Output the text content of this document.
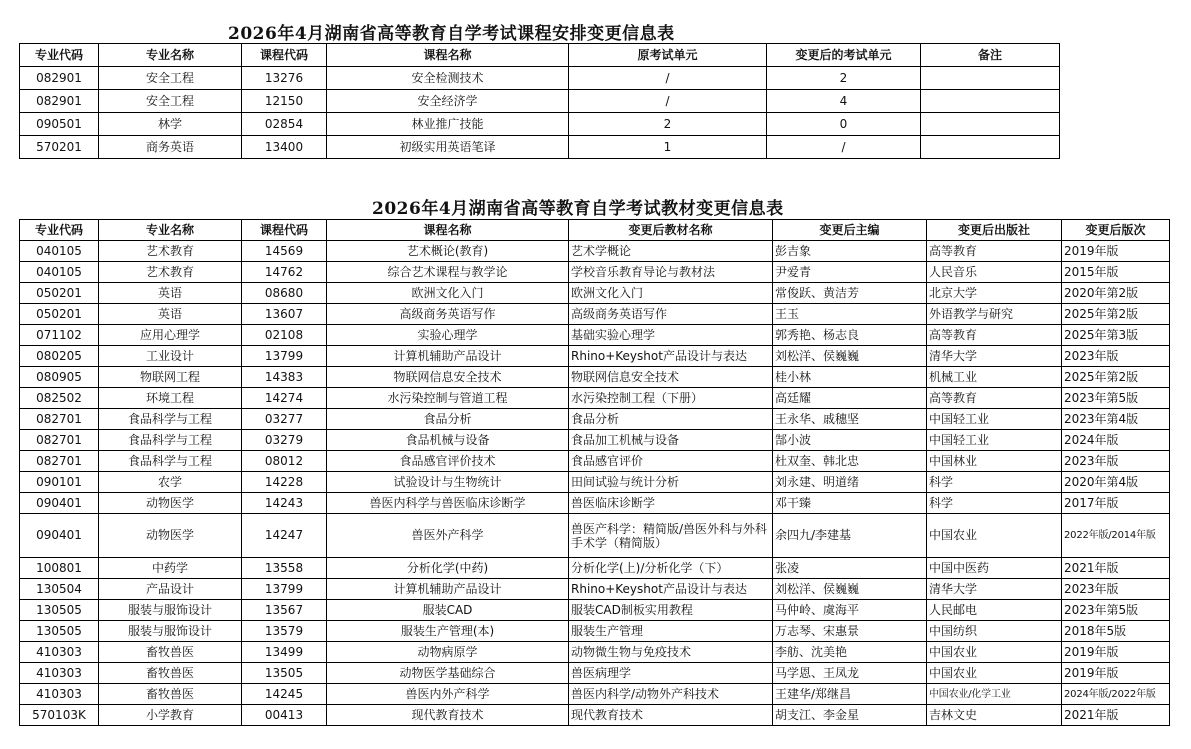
2026年4月湖南省高等教育自学考试课程安排变更信息表
专业代码	专业名称	课程代码	课程名称	原考试单元	变更后的考试单元	备注
082901	安全工程	13276	安全检测技术	/	2	
082901	安全工程	12150	安全经济学	/	4	
090501	林学	02854	林业推广技能	2	0	
570201	商务英语	13400	初级实用英语笔译	1	/	
2026年4月湖南省高等教育自学考试教材变更信息表
专业代码	专业名称	课程代码	课程名称	变更后教材名称	变更后主编	变更后出版社	变更后版次
040105	艺术教育	14569	艺术概论(教育)	艺术学概论	彭吉象	高等教育	2019年版
040105	艺术教育	14762	综合艺术课程与教学论	学校音乐教育导论与教材法	尹爱青	人民音乐	2015年版
050201	英语	08680	欧洲文化入门	欧洲文化入门	常俊跃、黄洁芳	北京大学	2020年第2版
050201	英语	13607	高级商务英语写作	高级商务英语写作	王玉	外语教学与研究	2025年第2版
071102	应用心理学	02108	实验心理学	基础实验心理学	郭秀艳、杨志良	高等教育	2025年第3版
080205	工业设计	13799	计算机辅助产品设计	Rhino+Keyshot产品设计与表达	刘松洋、侯巍巍	清华大学	2023年版
080905	物联网工程	14383	物联网信息安全技术	物联网信息安全技术	桂小林	机械工业	2025年第2版
082502	环境工程	14274	水污染控制与管道工程	水污染控制工程（下册）	高廷耀	高等教育	2023年第5版
082701	食品科学与工程	03277	食品分析	食品分析	王永华、戚穗坚	中国轻工业	2023年第4版
082701	食品科学与工程	03279	食品机械与设备	食品加工机械与设备	郜小波	中国轻工业	2024年版
082701	食品科学与工程	08012	食品感官评价技术	食品感官评价	杜双奎、韩北忠	中国林业	2023年版
090101	农学	14228	试验设计与生物统计	田间试验与统计分析	刘永建、明道绪	科学	2020年第4版
090401	动物医学	14243	兽医内科学与兽医临床诊断学	兽医临床诊断学	邓干臻	科学	2017年版
090401	动物医学	14247	兽医外产科学	兽医产科学：精简版/兽医外科与外科手术学（精简版）	余四九/李建基	中国农业	2022年版/2014年版
100801	中药学	13558	分析化学(中药)	分析化学(上)/分析化学（下）	张凌	中国中医药	2021年版
130504	产品设计	13799	计算机辅助产品设计	Rhino+Keyshot产品设计与表达	刘松洋、侯巍巍	清华大学	2023年版
130505	服装与服饰设计	13567	服装CAD	服装CAD制板实用教程	马仲岭、虞海平	人民邮电	2023年第5版
130505	服装与服饰设计	13579	服装生产管理(本)	服装生产管理	万志琴、宋惠景	中国纺织	2018年5版
410303	畜牧兽医	13499	动物病原学	动物微生物与免疫技术	李舫、沈美艳	中国农业	2019年版
410303	畜牧兽医	13505	动物医学基础综合	兽医病理学	马学恩、王凤龙	中国农业	2019年版
410303	畜牧兽医	14245	兽医内外产科学	兽医内科学/动物外产科技术	王建华/郑继昌	中国农业/化学工业	2024年版/2022年版
570103K	小学教育	00413	现代教育技术	现代教育技术	胡支江、李金星	吉林文史	2021年版
